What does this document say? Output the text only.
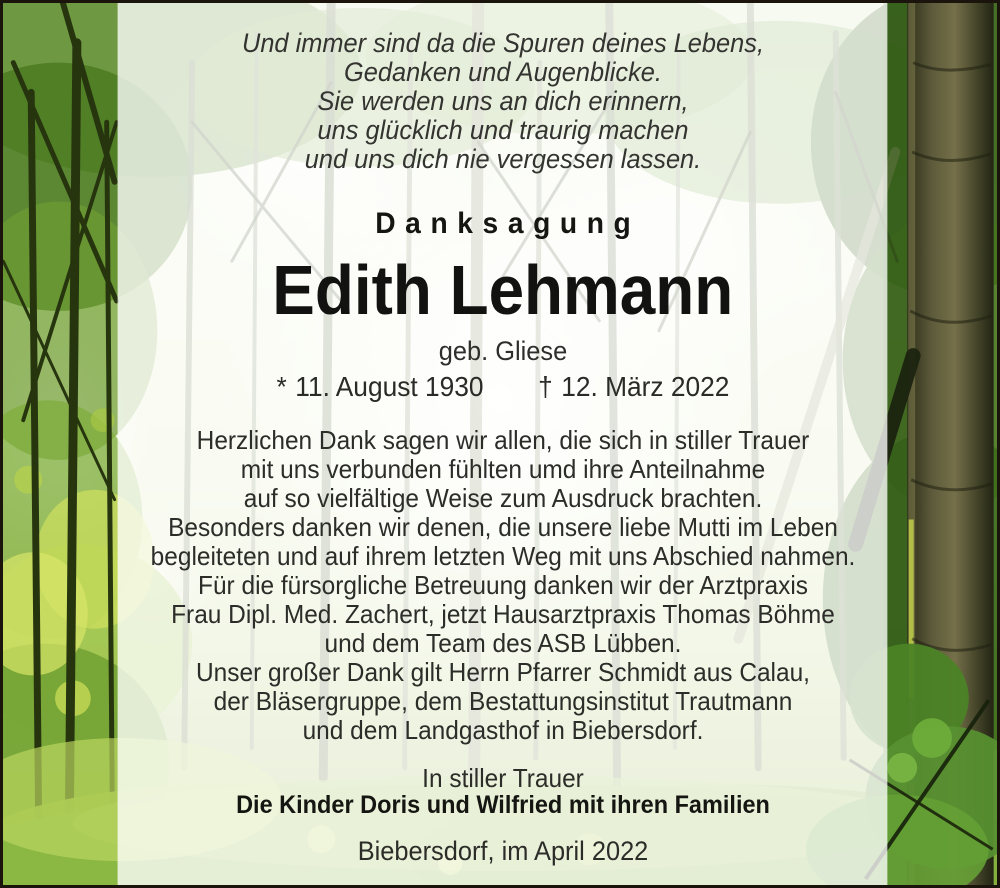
Und immer sind da die Spuren deines Lebens,
Gedanken und Augenblicke.
Sie werden uns an dich erinnern,
uns glücklich und traurig machen
und uns dich nie vergessen lassen.
Danksagung
Edith Lehmann
geb. Gliese
* 11. August 1930 † 12. März 2022
Herzlichen Dank sagen wir allen, die sich in stiller Trauer
mit uns verbunden fühlten umd ihre Anteilnahme
auf so vielfältige Weise zum Ausdruck brachten.
Besonders danken wir denen, die unsere liebe Mutti im Leben
begleiteten und auf ihrem letzten Weg mit uns Abschied nahmen.
Für die fürsorgliche Betreuung danken wir der Arztpraxis
Frau Dipl. Med. Zachert, jetzt Hausarztpraxis Thomas Böhme
und dem Team des ASB Lübben.
Unser großer Dank gilt Herrn Pfarrer Schmidt aus Calau,
der Bläsergruppe, dem Bestattungsinstitut Trautmann
und dem Landgasthof in Biebersdorf.
In stiller Trauer
Die Kinder Doris und Wilfried mit ihren Familien
Biebersdorf, im April 2022
